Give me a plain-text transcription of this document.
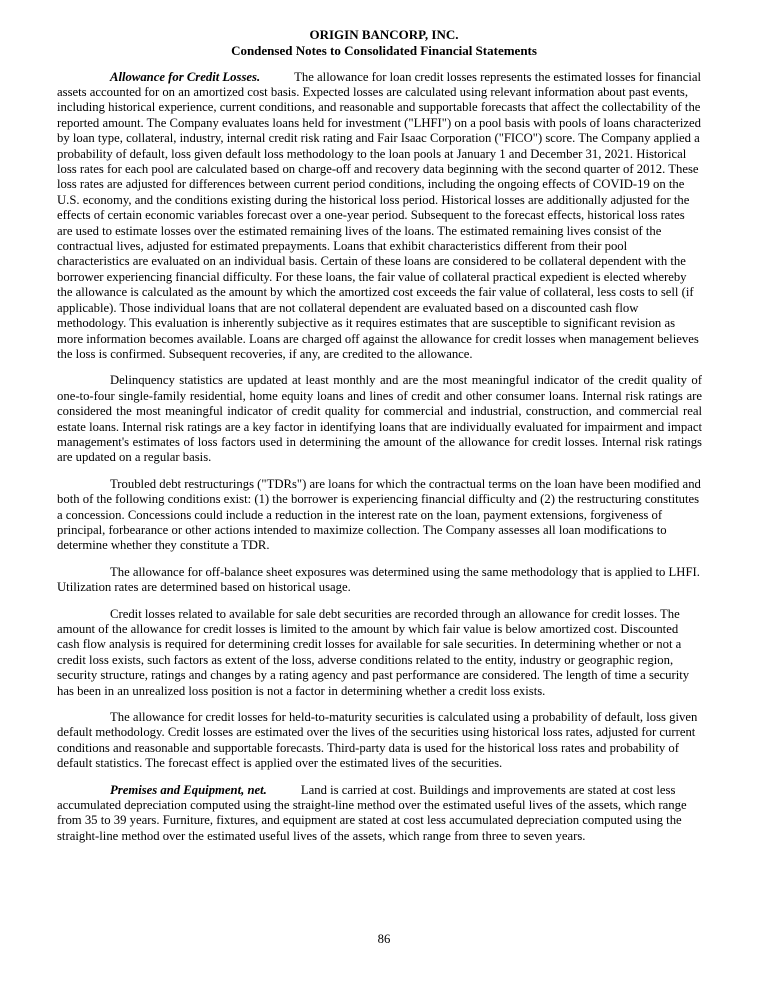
ORIGIN BANCORP, INC.
Condensed Notes to Consolidated Financial Statements

Allowance for Credit Losses.	The allowance for loan credit losses represents the estimated losses for financial assets accounted for on an amortized cost basis. Expected losses are calculated using relevant information about past events, including historical experience, current conditions, and reasonable and supportable forecasts that affect the collectability of the reported amount. The Company evaluates loans held for investment ("LHFI") on a pool basis with pools of loans characterized by loan type, collateral, industry, internal credit risk rating and Fair Isaac Corporation ("FICO") score. The Company applied a probability of default, loss given default loss methodology to the loan pools at January 1 and December 31, 2021. Historical loss rates for each pool are calculated based on charge-off and recovery data beginning with the second quarter of 2012. These loss rates are adjusted for differences between current period conditions, including the ongoing effects of COVID-19 on the U.S. economy, and the conditions existing during the historical loss period. Historical losses are additionally adjusted for the effects of certain economic variables forecast over a one-year period. Subsequent to the forecast effects, historical loss rates are used to estimate losses over the estimated remaining lives of the loans. The estimated remaining lives consist of the contractual lives, adjusted for estimated prepayments. Loans that exhibit characteristics different from their pool characteristics are evaluated on an individual basis. Certain of these loans are considered to be collateral dependent with the borrower experiencing financial difficulty. For these loans, the fair value of collateral practical expedient is elected whereby the allowance is calculated as the amount by which the amortized cost exceeds the fair value of collateral, less costs to sell (if applicable). Those individual loans that are not collateral dependent are evaluated based on a discounted cash flow methodology. This evaluation is inherently subjective as it requires estimates that are susceptible to significant revision as more information becomes available. Loans are charged off against the allowance for credit losses when management believes the loss is confirmed. Subsequent recoveries, if any, are credited to the allowance.

Delinquency statistics are updated at least monthly and are the most meaningful indicator of the credit quality of one-to-four single-family residential, home equity loans and lines of credit and other consumer loans. Internal risk ratings are considered the most meaningful indicator of credit quality for commercial and industrial, construction, and commercial real estate loans. Internal risk ratings are a key factor in identifying loans that are individually evaluated for impairment and impact management's estimates of loss factors used in determining the amount of the allowance for credit losses. Internal risk ratings are updated on a regular basis.

Troubled debt restructurings ("TDRs") are loans for which the contractual terms on the loan have been modified and both of the following conditions exist: (1) the borrower is experiencing financial difficulty and (2) the restructuring constitutes a concession. Concessions could include a reduction in the interest rate on the loan, payment extensions, forgiveness of principal, forbearance or other actions intended to maximize collection. The Company assesses all loan modifications to determine whether they constitute a TDR.

The allowance for off-balance sheet exposures was determined using the same methodology that is applied to LHFI. Utilization rates are determined based on historical usage.

Credit losses related to available for sale debt securities are recorded through an allowance for credit losses. The amount of the allowance for credit losses is limited to the amount by which fair value is below amortized cost. Discounted cash flow analysis is required for determining credit losses for available for sale securities. In determining whether or not a credit loss exists, such factors as extent of the loss, adverse conditions related to the entity, industry or geographic region, security structure, ratings and changes by a rating agency and past performance are considered. The length of time a security has been in an unrealized loss position is not a factor in determining whether a credit loss exists.

The allowance for credit losses for held-to-maturity securities is calculated using a probability of default, loss given default methodology. Credit losses are estimated over the lives of the securities using historical loss rates, adjusted for current conditions and reasonable and supportable forecasts. Third-party data is used for the historical loss rates and probability of default statistics. The forecast effect is applied over the estimated lives of the securities.

Premises and Equipment, net.	Land is carried at cost. Buildings and improvements are stated at cost less accumulated depreciation computed using the straight-line method over the estimated useful lives of the assets, which range from 35 to 39 years. Furniture, fixtures, and equipment are stated at cost less accumulated depreciation computed using the straight-line method over the estimated useful lives of the assets, which range from three to seven years.

86
